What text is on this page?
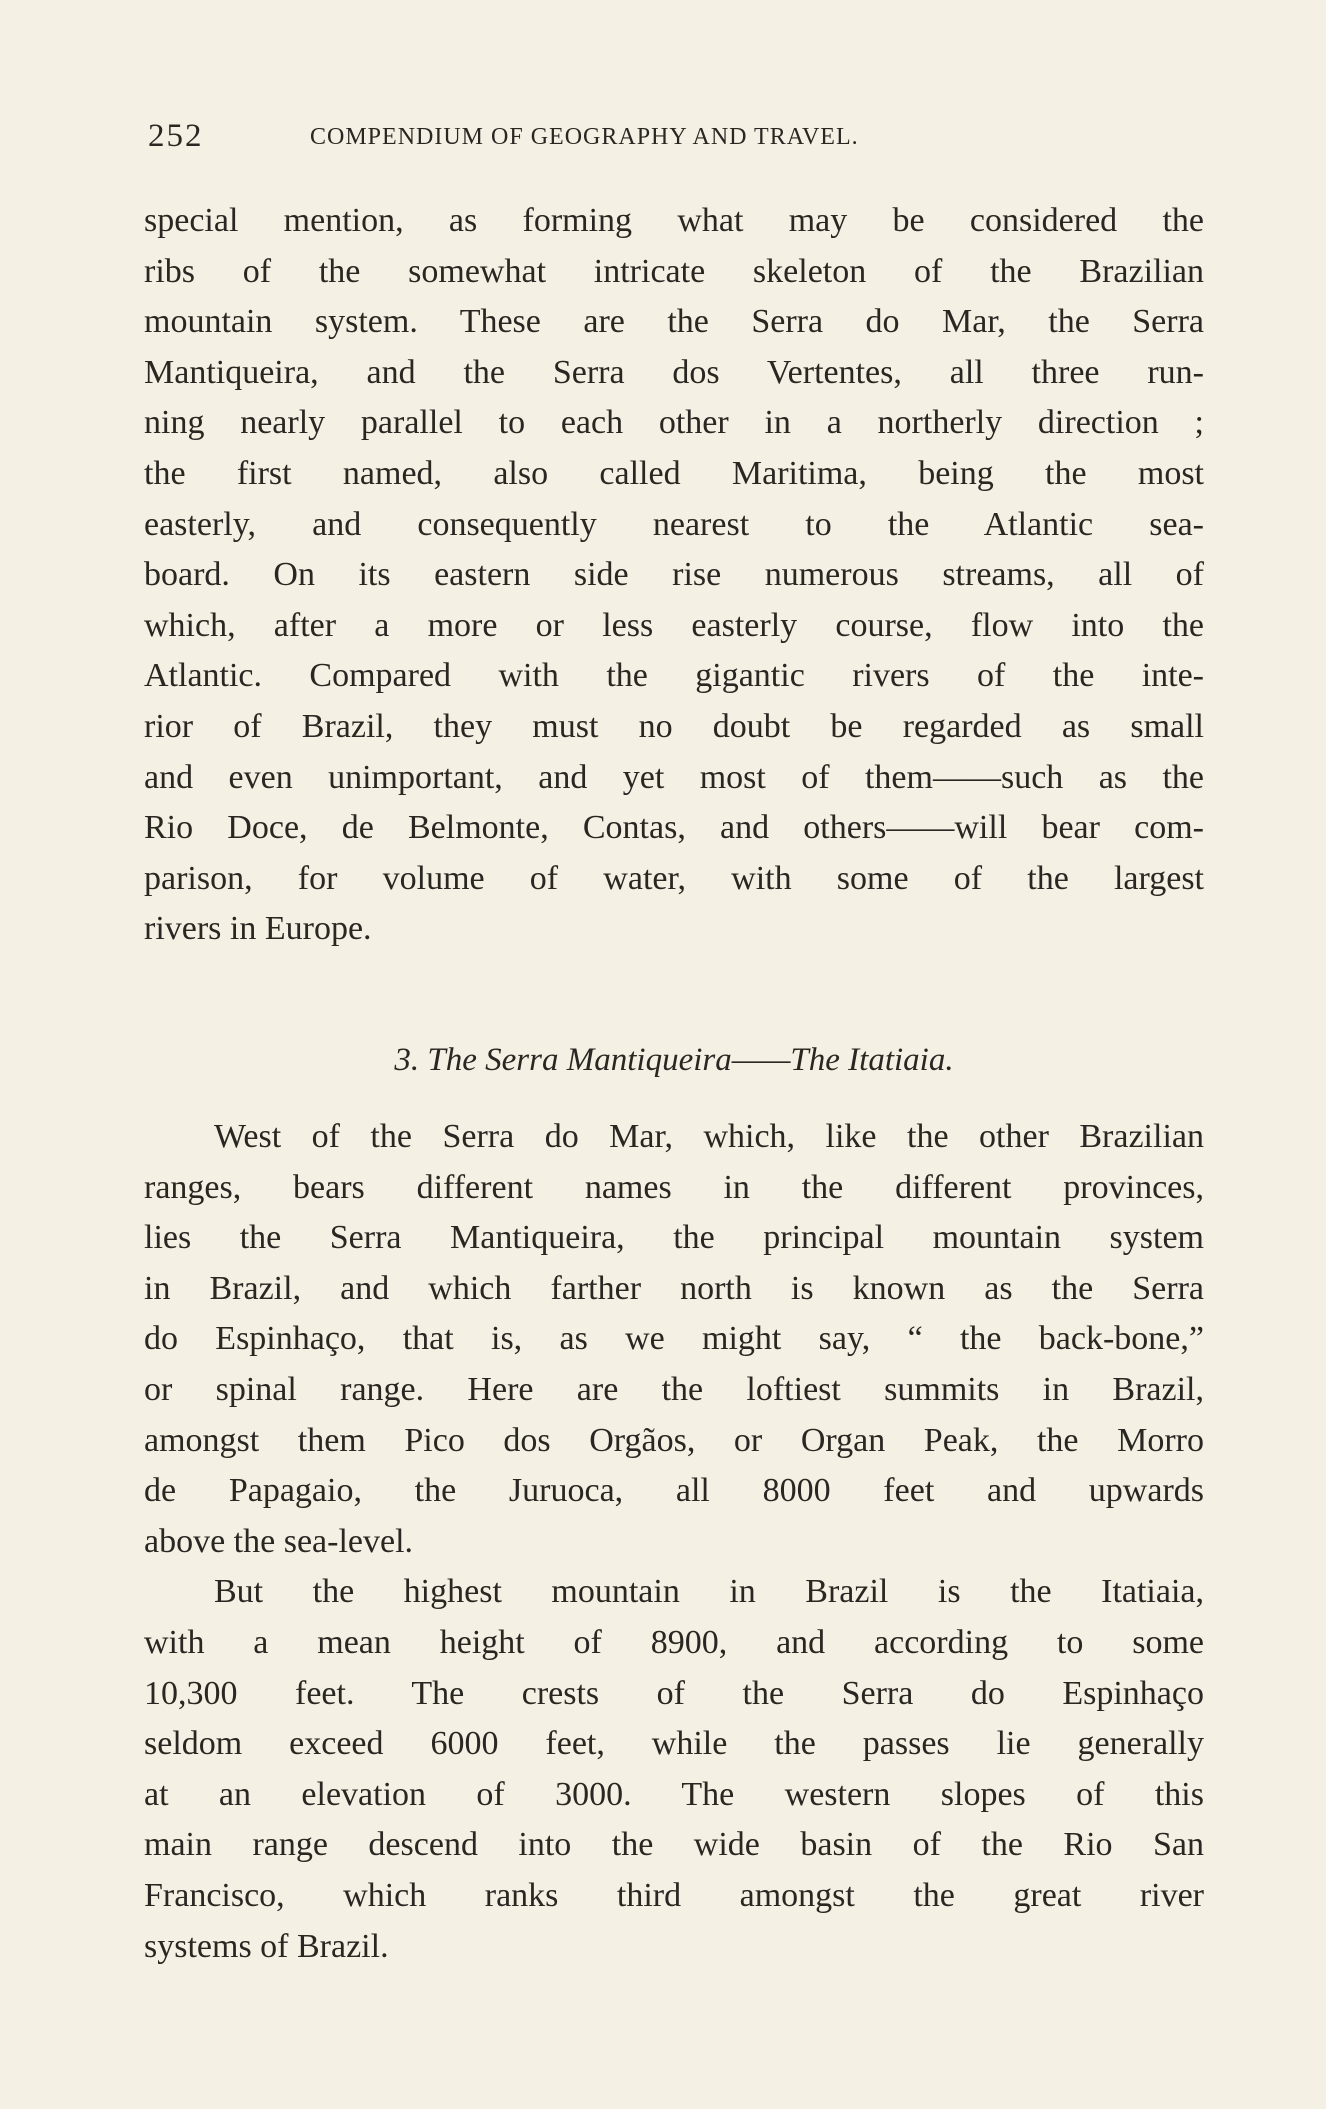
252	COMPENDIUM OF GEOGRAPHY AND TRAVEL.
special mention, as forming what may be considered the
ribs of the somewhat intricate skeleton of the Brazilian
mountain system. These are the Serra do Mar, the Serra
Mantiqueira, and the Serra dos Vertentes, all three run-
ning nearly parallel to each other in a northerly direction ;
the first named, also called Maritima, being the most
easterly, and consequently nearest to the Atlantic sea-
board. On its eastern side rise numerous streams, all of
which, after a more or less easterly course, flow into the
Atlantic. Compared with the gigantic rivers of the inte-
rior of Brazil, they must no doubt be regarded as small
and even unimportant, and yet most of them——such as the
Rio Doce, de Belmonte, Contas, and others——will bear com-
parison, for volume of water, with some of the largest
rivers in Europe.
3. The Serra Mantiqueira——The Itatiaia.
West of the Serra do Mar, which, like the other Brazilian
ranges, bears different names in the different provinces,
lies the Serra Mantiqueira, the principal mountain system
in Brazil, and which farther north is known as the Serra
do Espinhaço, that is, as we might say, “ the back-bone,”
or spinal range. Here are the loftiest summits in Brazil,
amongst them Pico dos Orgãos, or Organ Peak, the Morro
de Papagaio, the Juruoca, all 8000 feet and upwards
above the sea-level.
But the highest mountain in Brazil is the Itatiaia,
with a mean height of 8900, and according to some
10,300 feet. The crests of the Serra do Espinhaço
seldom exceed 6000 feet, while the passes lie generally
at an elevation of 3000. The western slopes of this
main range descend into the wide basin of the Rio San
Francisco, which ranks third amongst the great river
systems of Brazil.
